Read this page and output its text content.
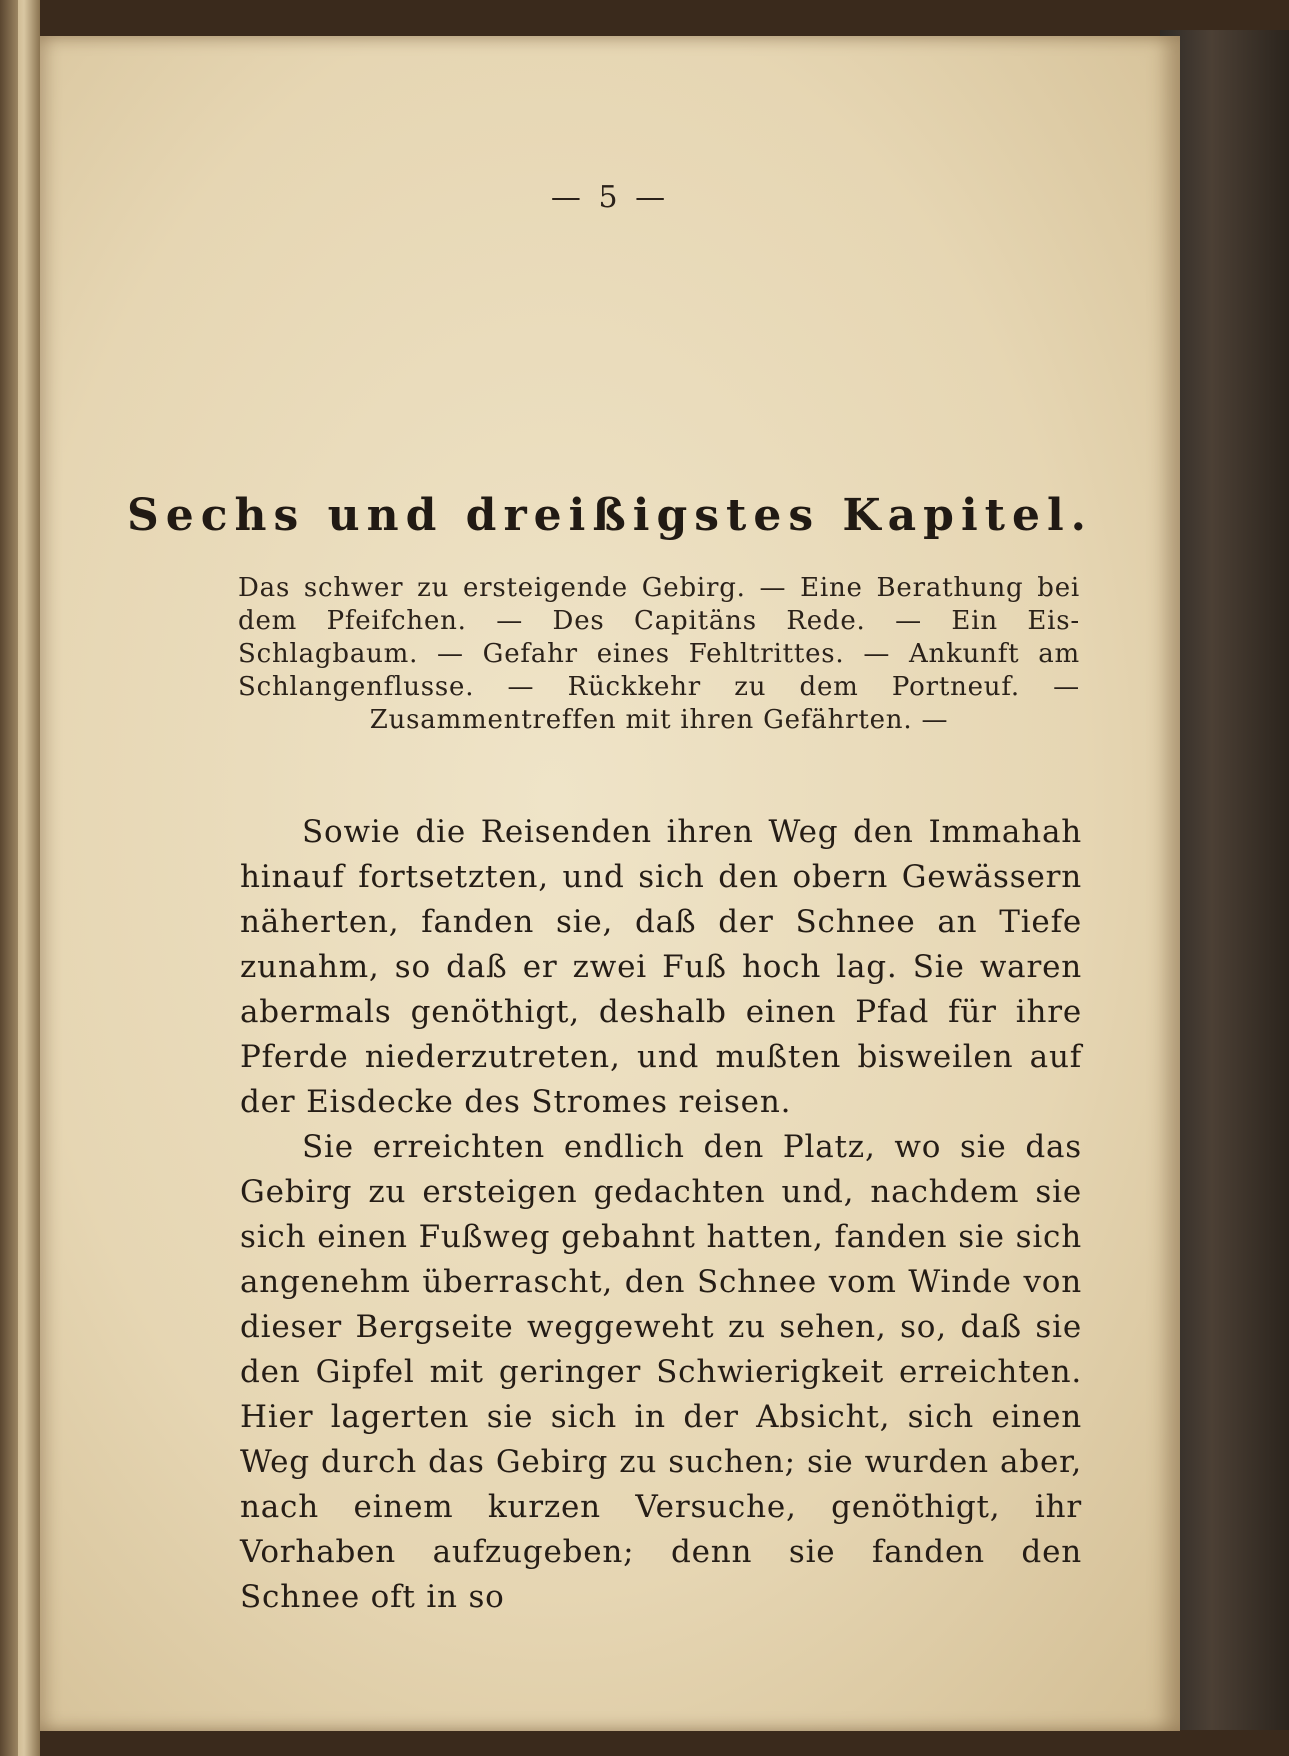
— 5 —
Sechs und dreißigstes Kapitel.
Das schwer zu ersteigende Gebirg. — Eine Berathung bei dem Pfeifchen. — Des Capitäns Rede. — Ein Eis-Schlagbaum. — Gefahr eines Fehltrittes. — Ankunft am Schlangenflusse. — Rückkehr zu dem Portneuf. — Zusammentreffen mit ihren Gefährten. —

Sowie die Reisenden ihren Weg den Immahah hinauf fortsetzten, und sich den obern Gewässern näherten, fanden sie, daß der Schnee an Tiefe zunahm, so daß er zwei Fuß hoch lag. Sie waren abermals genöthigt, deshalb einen Pfad für ihre Pferde niederzutreten, und mußten bisweilen auf der Eisdecke des Stromes reisen.

Sie erreichten endlich den Platz, wo sie das Gebirg zu ersteigen gedachten und, nachdem sie sich einen Fußweg gebahnt hatten, fanden sie sich angenehm überrascht, den Schnee vom Winde von dieser Bergseite weggeweht zu sehen, so, daß sie den Gipfel mit geringer Schwierigkeit erreichten. Hier lagerten sie sich in der Absicht, sich einen Weg durch das Gebirg zu suchen; sie wurden aber, nach einem kurzen Versuche, genöthigt, ihr Vorhaben aufzugeben; denn sie fanden den Schnee oft in so
